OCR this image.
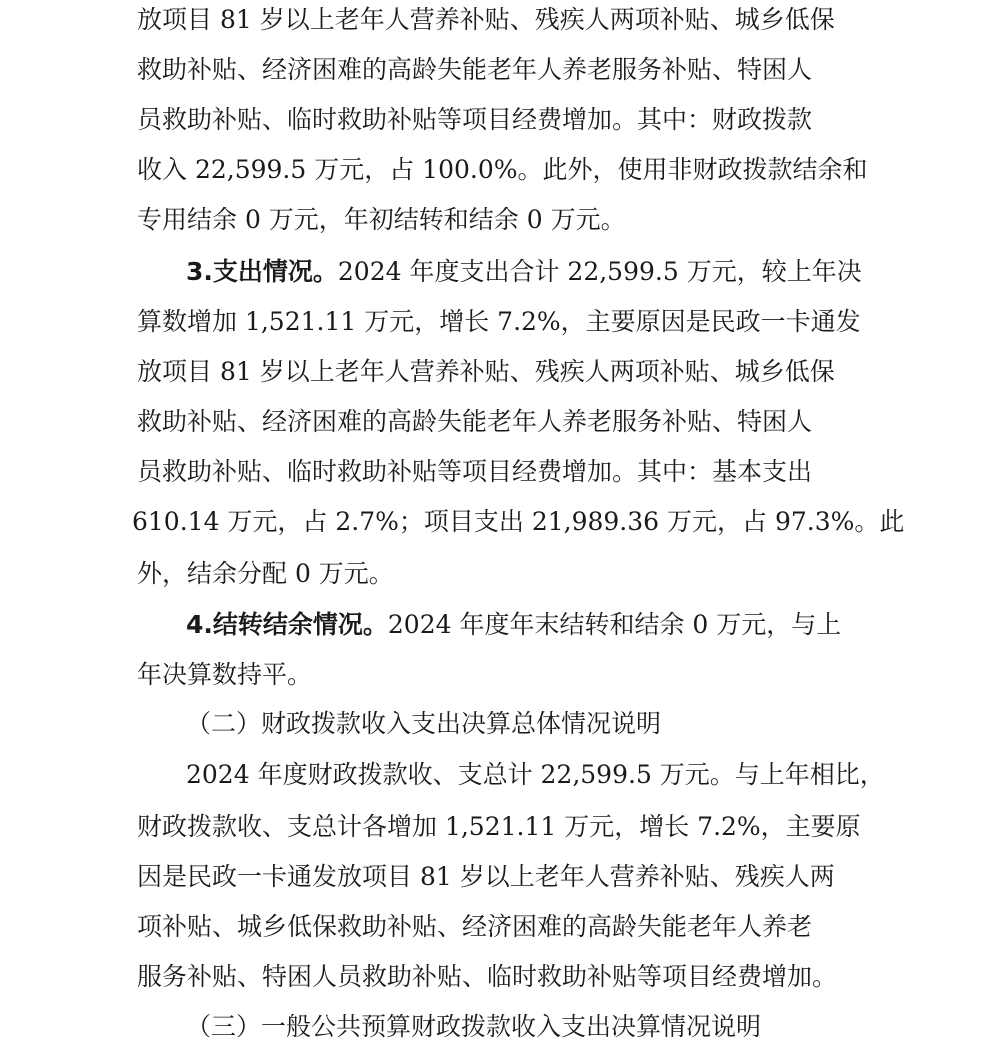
放项目 81 岁以上老年人营养补贴、残疾人两项补贴、城乡低保
救助补贴、经济困难的高龄失能老年人养老服务补贴、特困人
员救助补贴、临时救助补贴等项目经费增加。其中：财政拨款
收入 22,599.5 万元，占 100.0%。此外，使用非财政拨款结余和
专用结余 0 万元，年初结转和结余 0 万元。
3.支出情况。2024 年度支出合计 22,599.5 万元，较上年决
算数增加 1,521.11 万元，增长 7.2%，主要原因是民政一卡通发
放项目 81 岁以上老年人营养补贴、残疾人两项补贴、城乡低保
救助补贴、经济困难的高龄失能老年人养老服务补贴、特困人
员救助补贴、临时救助补贴等项目经费增加。其中：基本支出
610.14 万元，占 2.7%；项目支出 21,989.36 万元，占 97.3%。此
外，结余分配 0 万元。
4.结转结余情况。2024 年度年末结转和结余 0 万元，与上
年决算数持平。
（二）财政拨款收入支出决算总体情况说明
2024 年度财政拨款收、支总计 22,599.5 万元。与上年相比，
财政拨款收、支总计各增加 1,521.11 万元，增长 7.2%，主要原
因是民政一卡通发放项目 81 岁以上老年人营养补贴、残疾人两
项补贴、城乡低保救助补贴、经济困难的高龄失能老年人养老
服务补贴、特困人员救助补贴、临时救助补贴等项目经费增加。
（三）一般公共预算财政拨款收入支出决算情况说明
